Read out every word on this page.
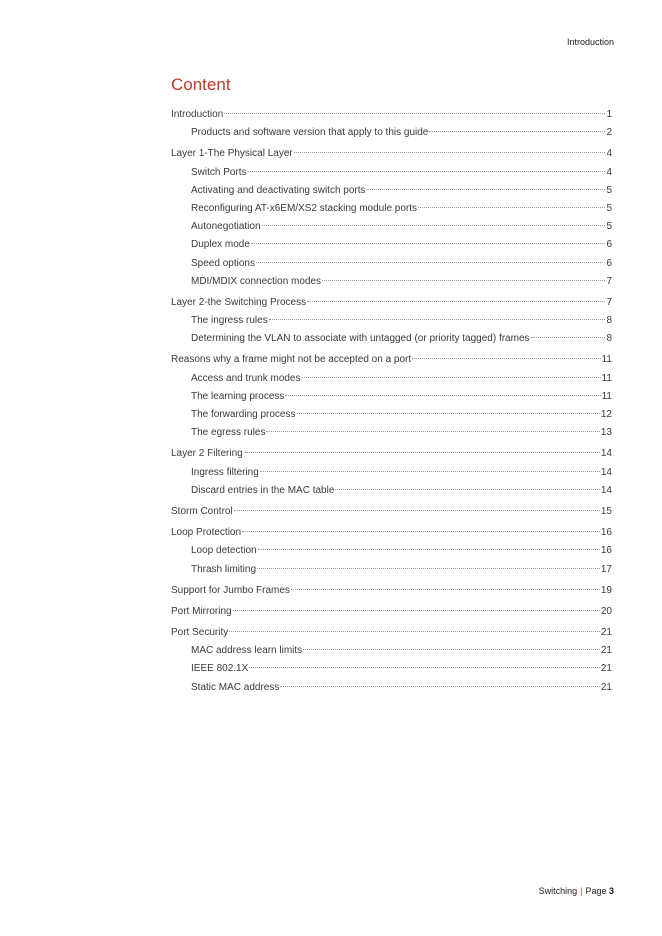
Introduction
Content
Introduction	1
Products and software version that apply to this guide	2
Layer 1-The Physical Layer	4
Switch Ports	4
Activating and deactivating switch ports	5
Reconfiguring AT-x6EM/XS2 stacking module ports	5
Autonegotiation	5
Duplex mode	6
Speed options	6
MDI/MDIX connection modes	7
Layer 2-the Switching Process	7
The ingress rules	8
Determining the VLAN to associate with untagged (or priority tagged) frames	8
Reasons why a frame might not be accepted on a port	11
Access and trunk modes	11
The learning process	11
The forwarding process	12
The egress rules	13
Layer 2 Filtering	14
Ingress filtering	14
Discard entries in the MAC table	14
Storm Control	15
Loop Protection	16
Loop detection	16
Thrash limiting	17
Support for Jumbo Frames	19
Port Mirroring	20
Port Security	21
MAC address learn limits	21
IEEE 802.1X	21
Static MAC address	21
Switching | Page 3
